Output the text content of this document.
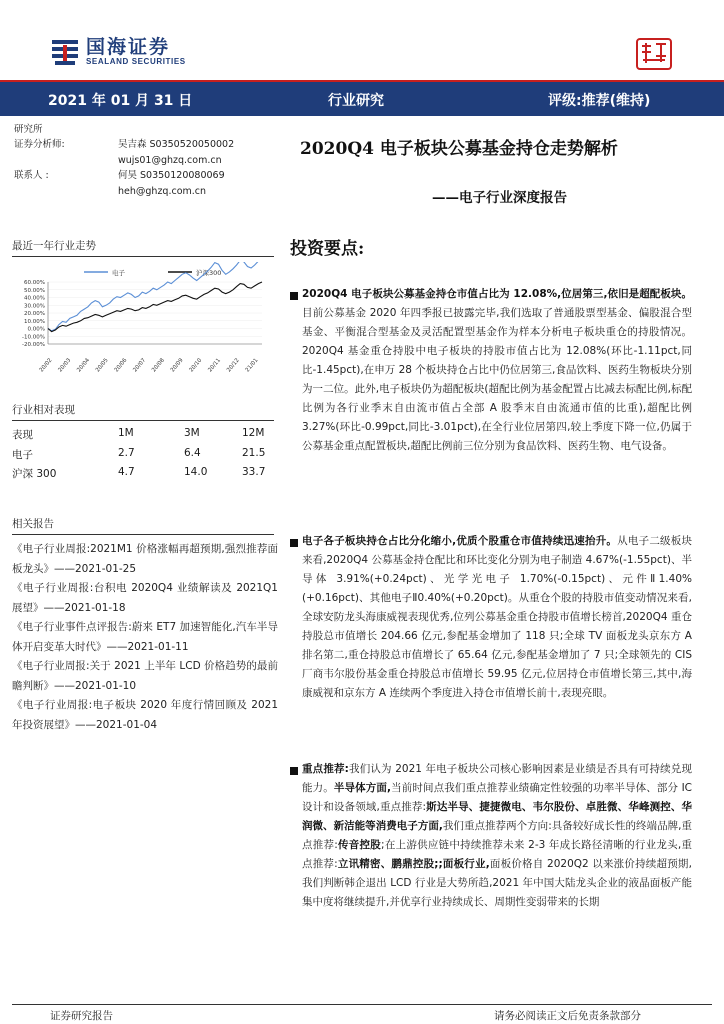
国海证券
SEALAND SECURITIES
2021 年 01 月 31 日	行业研究	评级:推荐(维持)
研究所
证券分析师:	吴吉森 S0350520050002
wujs01@ghzq.com.cn
联系人 :	何昊 S0350120080069
heh@ghzq.com.cn
2020Q4 电子板块公募基金持仓走势解析
——电子行业深度报告
最近一年行业走势
电子	沪深300
60.00%
50.00%
40.00%
30.00%
20.00%
10.00%
0.00%
-10.00%
-20.00%
20/02 20/03 20/04 20/05 20/06 20/07 20/08 20/09 20/10 20/11 20/12 21/01
行业相对表现
表现	1M	3M	12M
电子	2.7	6.4	21.5
沪深 300	4.7	14.0	33.7
相关报告
《电子行业周报:2021M1 价格涨幅再超预期,强烈推荐面板龙头》——2021-01-25
《电子行业周报:台积电 2020Q4 业绩解读及 2021Q1 展望》——2021-01-18
《电子行业事件点评报告:蔚来 ET7 加速智能化,汽车半导体开启变革大时代》——2021-01-11
《电子行业周报:关于 2021 上半年 LCD 价格趋势的最前瞻判断》——2021-01-10
《电子行业周报:电子板块 2020 年度行情回顾及 2021 年投资展望》——2021-01-04
投资要点:
2020Q4 电子板块公募基金持仓市值占比为 12.08%,位居第三,依旧是超配板块。目前公募基金 2020 年四季报已披露完毕,我们选取了普通股票型基金、偏股混合型基金、平衡混合型基金及灵活配置型基金作为样本分析电子板块重仓的持股情况。2020Q4 基金重仓持股中电子板块的持股市值占比为 12.08%(环比-1.11pct,同比-1.45pct),在申万 28 个板块持仓占比中仍位居第三,食品饮料、医药生物板块分别为一二位。此外,电子板块仍为超配板块(超配比例为基金配置占比减去标配比例,标配比例为各行业季末自由流市值占全部 A 股季末自由流通市值的比重),超配比例 3.27%(环比-0.99pct,同比-3.01pct),在全行业位居第四,较上季度下降一位,仍属于公募基金重点配置板块,超配比例前三位分别为食品饮料、医药生物、电气设备。
电子各子板块持仓占比分化缩小,优质个股重仓市值持续迅速抬升。从电子二级板块来看,2020Q4 公募基金持仓配比和环比变化分别为电子制造 4.67%(-1.55pct)、半导体 3.91%(+0.24pct)、光学光电子 1.70%(-0.15pct)、元件Ⅱ1.40%(+0.16pct)、其他电子Ⅱ0.40%(+0.20pct)。从重仓个股的持股市值变动情况来看,全球安防龙头海康威视表现优秀,位列公募基金重仓持股市值增长榜首,2020Q4 重仓持股总市值增长 204.66 亿元,参配基金增加了 118 只;全球 TV 面板龙头京东方 A 排名第二,重仓持股总市值增长了 65.64 亿元,参配基金增加了 7 只;全球领先的 CIS 厂商韦尔股份基金重仓持股总市值增长 59.95 亿元,位居持仓市值增长第三,其中,海康威视和京东方 A 连续两个季度进入持仓市值增长前十,表现亮眼。
重点推荐:我们认为 2021 年电子板块公司核心影响因素是业绩是否具有可持续兑现能力。半导体方面,当前时间点我们重点推荐业绩确定性较强的功率半导体、部分 IC 设计和设备领域,重点推荐:斯达半导、捷捷微电、韦尔股份、卓胜微、华峰测控、华润微、新洁能等消费电子方面,我们重点推荐两个方向:具备较好成长性的终端品牌,重点推荐:传音控股;在上游供应链中持续推荐未来 2-3 年成长路径清晰的行业龙头,重点推荐:立讯精密、鹏鼎控股;;面板行业,面板价格自 2020Q2 以来涨价持续超预期,我们判断韩企退出 LCD 行业是大势所趋,2021 年中国大陆龙头企业的液晶面板产能集中度将继续提升,并优享行业持续成长、周期性变弱带来的长期
证券研究报告	请务必阅读正文后免责条款部分
